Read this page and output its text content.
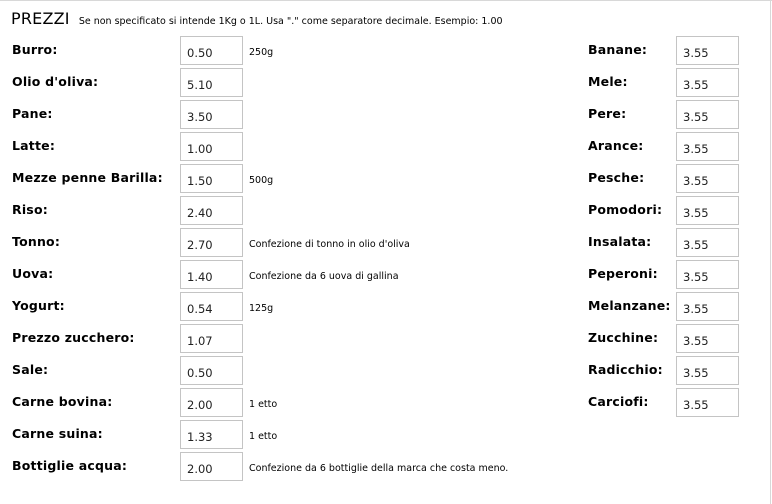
PREZZI Se non specificato si intende 1Kg o 1L. Usa "." come separatore decimale. Esempio: 1.00
Burro:
0.50	250g
Olio d'oliva:
5.10
Pane:
3.50
Latte:
1.00
Mezze penne Barilla:
1.50	500g
Riso:
2.40
Tonno:
2.70	Confezione di tonno in olio d'oliva
Uova:
1.40	Confezione da 6 uova di gallina
Yogurt:
0.54	125g
Prezzo zucchero:
1.07
Sale:
0.50
Carne bovina:
2.00	1 etto
Carne suina:
1.33	1 etto
Bottiglie acqua:
2.00	Confezione da 6 bottiglie della marca che costa meno.
Banane:
3.55
Mele:
3.55
Pere:
3.55
Arance:
3.55
Pesche:
3.55
Pomodori:
3.55
Insalata:
3.55
Peperoni:
3.55
Melanzane:
3.55
Zucchine:
3.55
Radicchio:
3.55
Carciofi:
3.55
